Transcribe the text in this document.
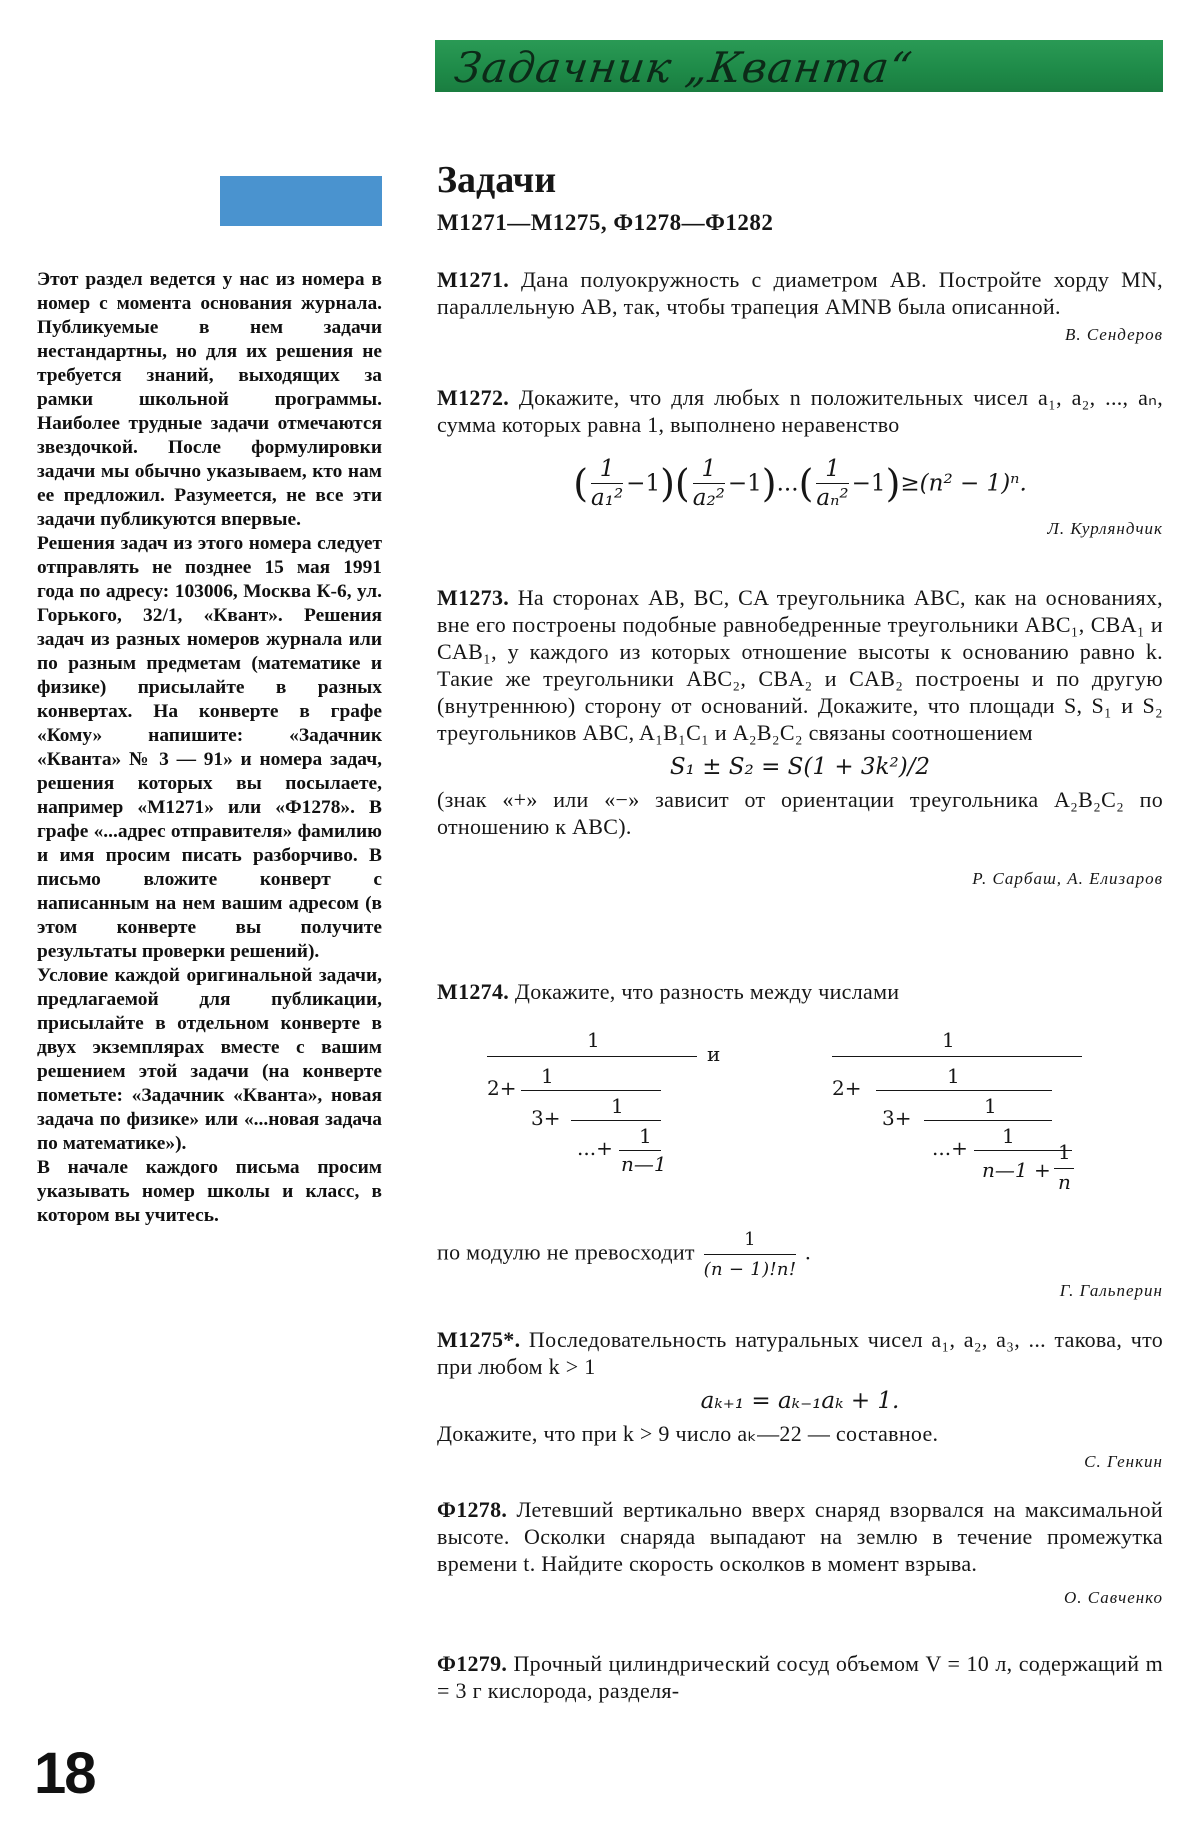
Задачник „Кванта“

Этот раздел ведется у нас из номера в номер с момента основания журнала. Публикуемые в нем задачи нестандартны, но для их решения не требуется знаний, выходящих за рамки школьной программы. Наиболее трудные задачи отмечаются звездочкой. После формулировки задачи мы обычно указываем, кто нам ее предложил. Разумеется, не все эти задачи публикуются впервые.

Решения задач из этого номера следует отправлять не позднее 15 мая 1991 года по адресу: 103006, Москва К-6, ул. Горького, 32/1, «Квант». Решения задач из разных номеров журнала или по разным предметам (математике и физике) присылайте в разных конвертах. На конверте в графе «Кому» напишите: «Задачник «Кванта» № 3 — 91» и номера задач, решения которых вы посылаете, например «М1271» или «Ф1278». В графе «...адрес отправителя» фамилию и имя просим писать разборчиво. В письмо вложите конверт с написанным на нем вашим адресом (в этом конверте вы получите результаты проверки решений).

Условие каждой оригинальной задачи, предлагаемой для публикации, присылайте в отдельном конверте в двух экземплярах вместе с вашим решением этой задачи (на конверте пометьте: «Задачник «Кванта», новая задача по физике» или «...новая задача по математике»).

В начале каждого письма просим указывать номер школы и класс, в котором вы учитесь.

18
Задачи
М1271—М1275, Ф1278—Ф1282

М1271. Дана полуокружность с диаметром AB. Постройте хорду MN, параллельную AB, так, чтобы трапеция AMNB была описанной.

В. Сендеров

М1272. Докажите, что для любых n положительных чисел a₁, a₂, ..., aₙ, сумма которых равна 1, выполнено неравенство

( $\frac{1}{\text{a₁²}} -1)( \frac{1}{\text{a₂²}} -1)...( \frac{1}{\text{aₙ²}} -1)\ge(n^2 - 1)^n$.
Л. Курляндчик

М1273. На сторонах AB, BC, CA треугольника ABC, как на основаниях, вне его построены подобные равнобедренные треугольники ABC₁, CBA₁ и CAB₁, у каждого из которых отношение высоты к основанию равно k. Такие же треугольники ABC₂, CBA₂ и CAB₂ построены и по другую (внутреннюю) сторону от оснований. Докажите, что площади S, S₁ и S₂ треугольников ABC, A₁B₁C₁ и A₂B₂C₂ связаны соотношением

S₁ ± S₂ = S(1 + 3k²)/2

(знак «+» или «−» зависит от ориентации треугольника A₂B₂C₂ по отношению к ABC).

Р. Сарбаш, А. Елизаров

М1274. Докажите, что разность между числами

1
и
1
2+
1
3+
1
...+
n—1
1
1
2+
1
3+
1
...+
n—1 +
1
n

по модулю не превосходит $\frac{1}{(n - 1)!n!}$ .

Г. Гальперин

М1275*. Последовательность натуральных чисел a₁, a₂, a₃, ... такова, что при любом k > 1

aₖ₊₁ = aₖ₋₁aₖ + 1.

Докажите, что при k > 9 число aₖ—22 — составное.

С. Генкин

Ф1278. Летевший вертикально вверх снаряд взорвался на максимальной высоте. Осколки снаряда выпадают на землю в течение промежутка времени t. Найдите скорость осколков в момент взрыва.

О. Савченко

Ф1279. Прочный цилиндрический сосуд объемом V = 10 л, содержащий m = 3 г кислорода, разделя-
